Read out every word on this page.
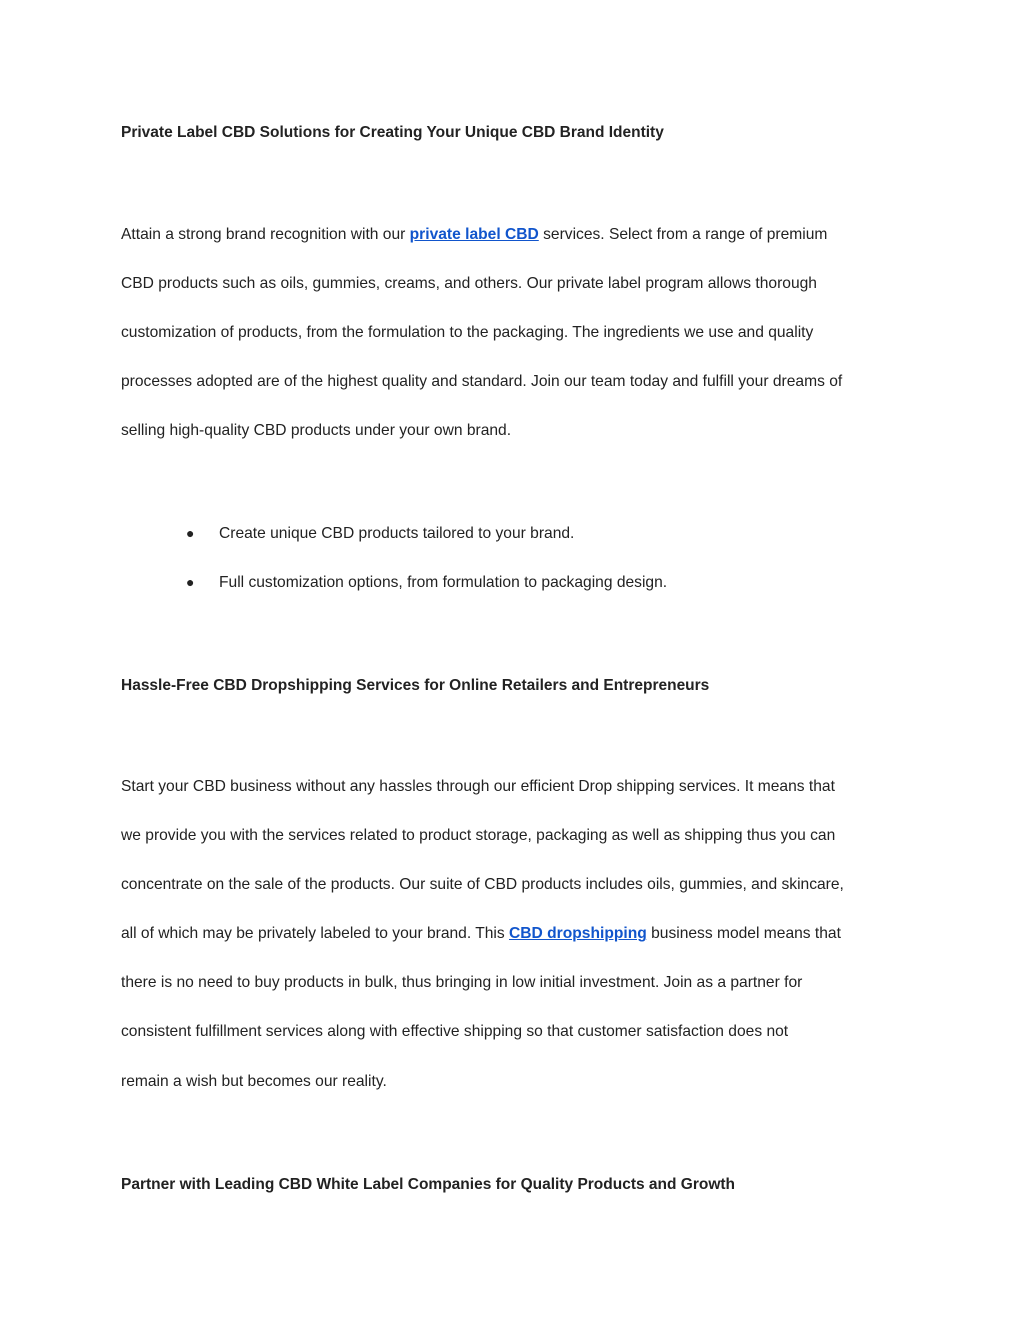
Private Label CBD Solutions for Creating Your Unique CBD Brand Identity

Attain a strong brand recognition with our private label CBD services. Select from a range of premium
CBD products such as oils, gummies, creams, and others. Our private label program allows thorough
customization of products, from the formulation to the packaging. The ingredients we use and quality
processes adopted are of the highest quality and standard. Join our team today and fulfill your dreams of
selling high-quality CBD products under your own brand.

● Create unique CBD products tailored to your brand.
● Full customization options, from formulation to packaging design.
Hassle-Free CBD Dropshipping Services for Online Retailers and Entrepreneurs

Start your CBD business without any hassles through our efficient Drop shipping services. It means that
we provide you with the services related to product storage, packaging as well as shipping thus you can
concentrate on the sale of the products. Our suite of CBD products includes oils, gummies, and skincare,
all of which may be privately labeled to your brand. This CBD dropshipping business model means that
there is no need to buy products in bulk, thus bringing in low initial investment. Join as a partner for
consistent fulfillment services along with effective shipping so that customer satisfaction does not
remain a wish but becomes our reality.

Partner with Leading CBD White Label Companies for Quality Products and Growth
